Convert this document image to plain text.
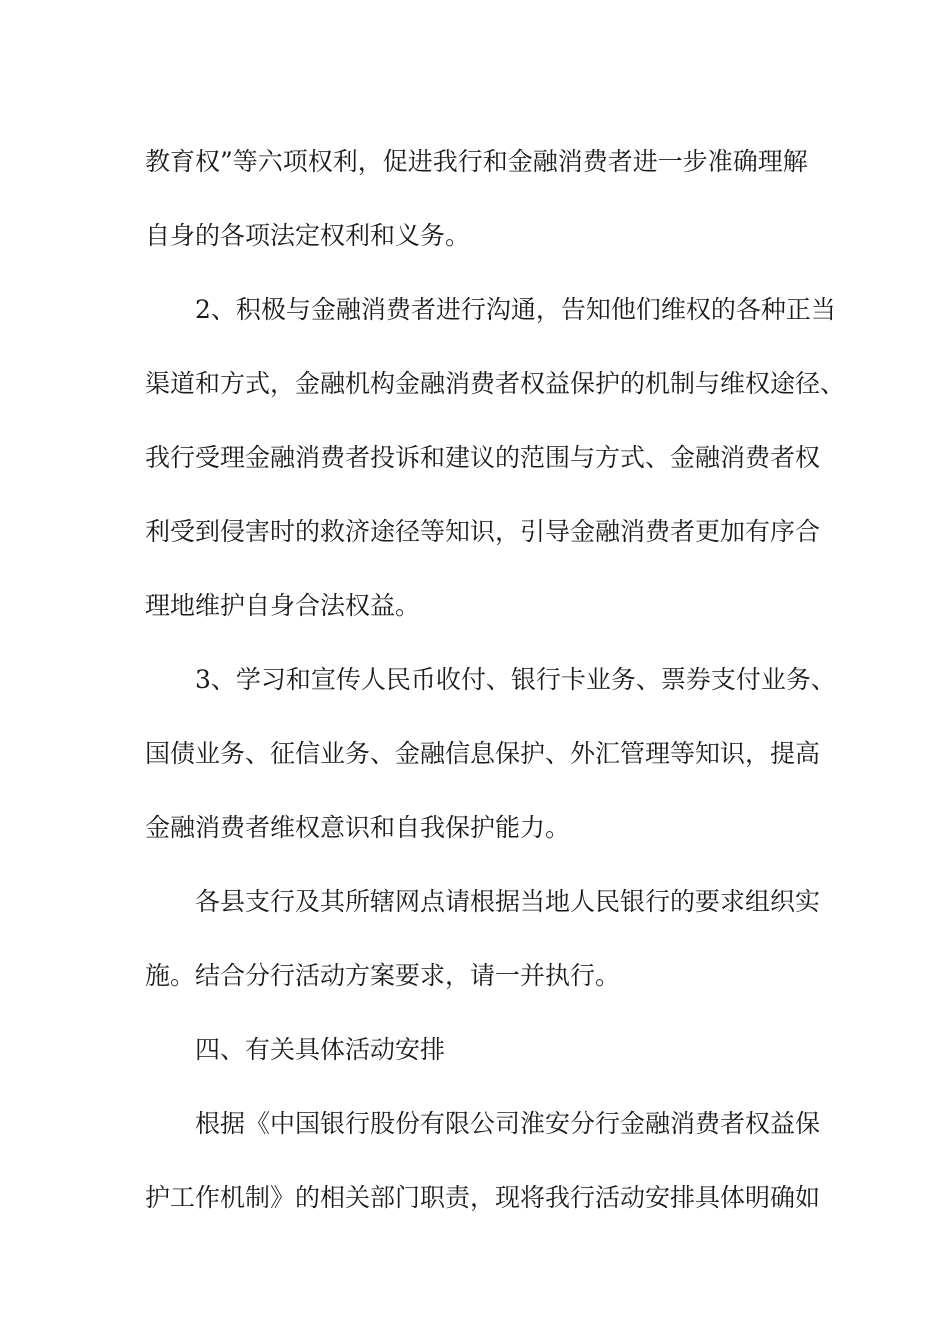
教育权”等六项权利，促进我行和金融消费者进一步准确理解
自身的各项法定权利和义务。
2、积极与金融消费者进行沟通，告知他们维权的各种正当
渠道和方式，金融机构金融消费者权益保护的机制与维权途径、
我行受理金融消费者投诉和建议的范围与方式、金融消费者权
利受到侵害时的救济途径等知识，引导金融消费者更加有序合
理地维护自身合法权益。
3、学习和宣传人民币收付、银行卡业务、票券支付业务、
国债业务、征信业务、金融信息保护、外汇管理等知识，提高
金融消费者维权意识和自我保护能力。
各县支行及其所辖网点请根据当地人民银行的要求组织实
施。结合分行活动方案要求，请一并执行。
四、有关具体活动安排
根据《中国银行股份有限公司淮安分行金融消费者权益保
护工作机制》的相关部门职责，现将我行活动安排具体明确如
